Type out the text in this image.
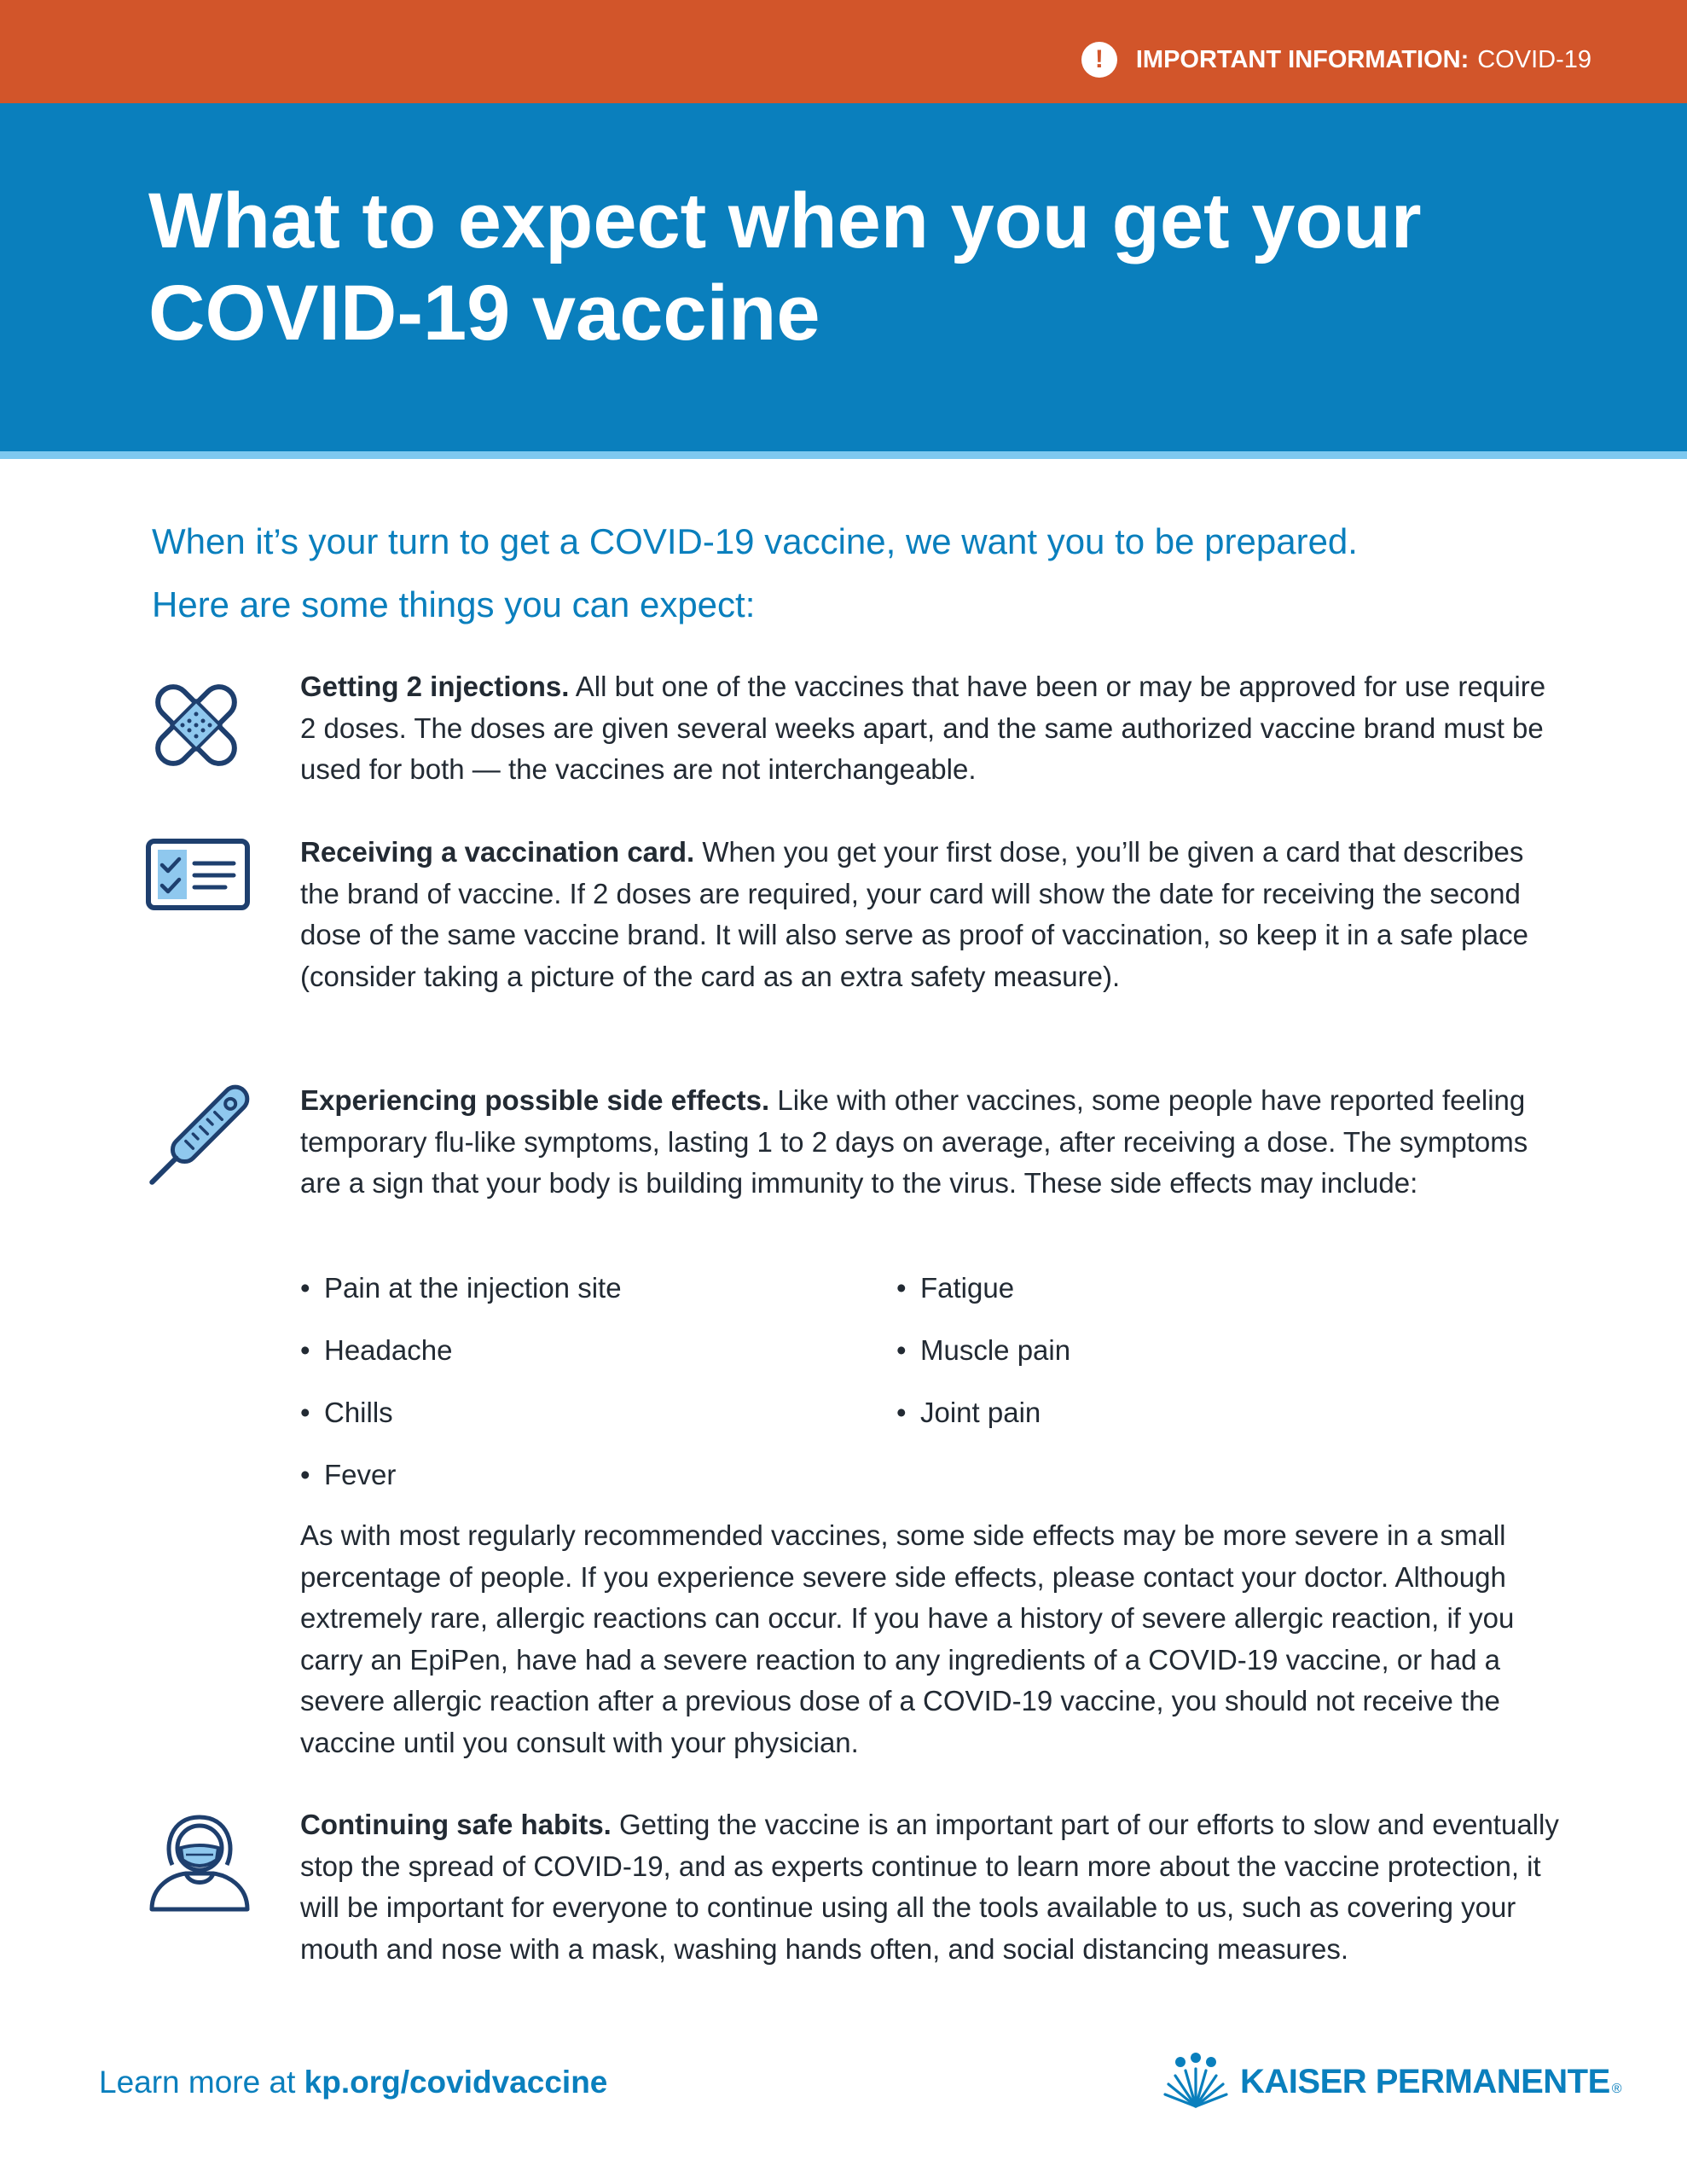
!	IMPORTANT INFORMATION: COVID-19
What to expect when you get your
COVID-19 vaccine

When it’s your turn to get a COVID-19 vaccine, we want you to be prepared.
Here are some things you can expect:

Getting 2 injections. All but one of the vaccines that have been or may be approved for use require 2 doses. The doses are given several weeks apart, and the same authorized vaccine brand must be used for both — the vaccines are not interchangeable.

Receiving a vaccination card. When you get your first dose, you’ll be given a card that describes the brand of vaccine. If 2 doses are required, your card will show the date for receiving the second dose of the same vaccine brand. It will also serve as proof of vaccination, so keep it in a safe place (consider taking a picture of the card as an extra safety measure).

Experiencing possible side effects. Like with other vaccines, some people have reported feeling temporary flu-like symptoms, lasting 1 to 2 days on average, after receiving a dose. The symptoms are a sign that your body is building immunity to the virus. These side effects may include:

• Pain at the injection site
• Headache
• Chills
• Fever
• Fatigue
• Muscle pain
• Joint pain

As with most regularly recommended vaccines, some side effects may be more severe in a small percentage of people. If you experience severe side effects, please contact your doctor. Although extremely rare, allergic reactions can occur. If you have a history of severe allergic reaction, if you carry an EpiPen, have had a severe reaction to any ingredients of a COVID-19 vaccine, or had a severe allergic reaction after a previous dose of a COVID-19 vaccine, you should not receive the vaccine until you consult with your physician.

Continuing safe habits. Getting the vaccine is an important part of our efforts to slow and eventually stop the spread of COVID-19, and as experts continue to learn more about the vaccine protection, it will be important for everyone to continue using all the tools available to us, such as covering your mouth and nose with a mask, washing hands often, and social distancing measures.

Learn more at kp.org/covidvaccine	KAISER PERMANENTE ®
